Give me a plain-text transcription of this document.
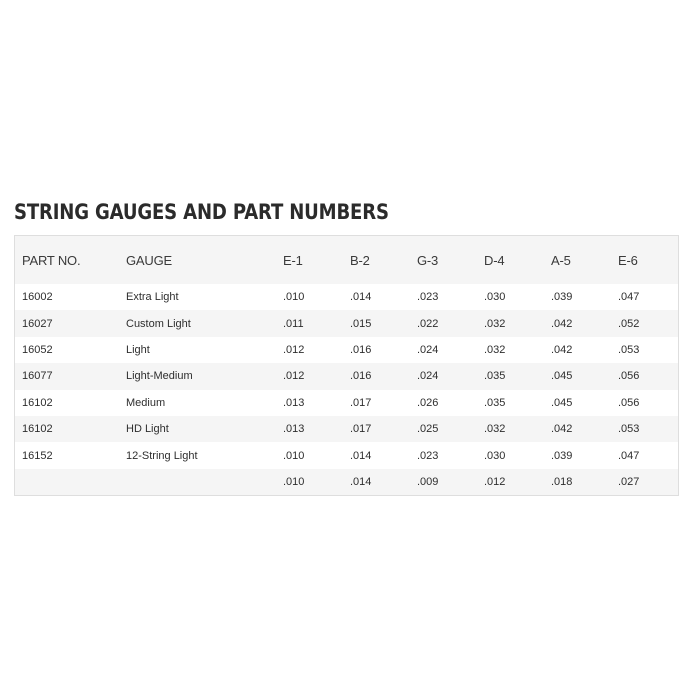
STRING GAUGES AND PART NUMBERS
PART NO.	GAUGE	E-1	B-2	G-3	D-4	A-5	E-6
16002	Extra Light	.010	.014	.023	.030	.039	.047
16027	Custom Light	.011	.015	.022	.032	.042	.052
16052	Light	.012	.016	.024	.032	.042	.053
16077	Light-Medium	.012	.016	.024	.035	.045	.056
16102	Medium	.013	.017	.026	.035	.045	.056
16102	HD Light	.013	.017	.025	.032	.042	.053
16152	12-String Light	.010	.014	.023	.030	.039	.047
		.010	.014	.009	.012	.018	.027
